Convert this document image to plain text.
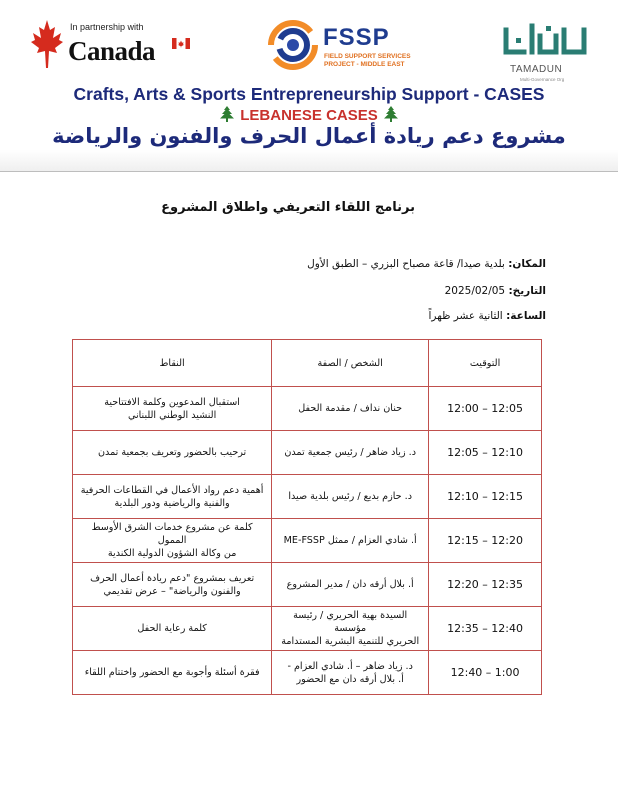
In partnership with
Canada	FSSP
FIELD SUPPORT SERVICES
PROJECT - MIDDLE EAST	TAMADUN
Multi-Governance Org
Crafts, Arts & Sports Entrepreneurship Support - CASES
LEBANESE CASES
مشروع دعم ريادة أعمال الحرف والفنون والرياضة
برنامج اللقاء التعريفي واطلاق المشروع
المكان: بلدية صيدا/ قاعة مصباح البزري – الطبق الأول
التاريخ: 2025/02/05
الساعة: الثانية عشر ظهراً
التوقيت	الشخص / الصفة	النقاط
12:00 – 12:05	حنان نداف / مقدمة الحفل	استقبال المدعوين وكلمة الافتتاحية
النشيد الوطني اللبناني

12:05 – 12:10	د. زياد ضاهر / رئيس جمعية تمدن	ترحيب بالحضور وتعريف بجمعية تمدن

12:10 – 12:15	د. حازم بديع / رئيس بلدية صيدا	أهمية دعم رواد الأعمال في القطاعات الحرفية
والفنية والرياضية ودور البلدية

12:15 – 12:20	أ. شادي العزام / ممثل ME-FSSP	كلمة عن مشروع خدمات الشرق الأوسط الممول
من وكالة الشؤون الدولية الكندية

12:20 – 12:35	أ. بلال أرقه دان / مدير المشروع	تعريف بمشروع "دعم ريادة أعمال الحرف
والفنون والرياضة" – عرض تقديمي

12:35 – 12:40	السيدة بهية الحريري / رئيسة مؤسسة
الحريري للتنمية البشرية المستدامة	كلمة رعاية الحفل

12:40 – 1:00	د. زياد ضاهر – أ. شادي العزام -
أ. بلال أرقه دان مع الحضور	فقرة أسئلة وأجوبة مع الحضور واختتام اللقاء
